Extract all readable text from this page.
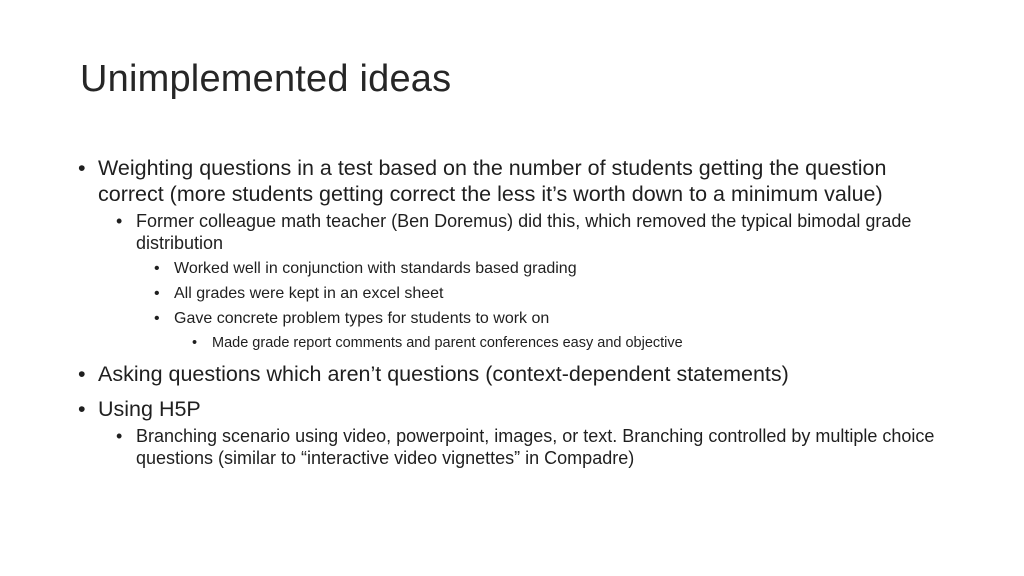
Unimplemented ideas
• Weighting questions in a test based on the number of students getting the question correct (more students getting correct the less it’s worth down to a minimum value)
• Former colleague math teacher (Ben Doremus) did this, which removed the typical bimodal grade distribution
• Worked well in conjunction with standards based grading
• All grades were kept in an excel sheet
• Gave concrete problem types for students to work on
• Made grade report comments and parent conferences easy and objective
• Asking questions which aren’t questions (context-dependent statements)
• Using H5P
• Branching scenario using video, powerpoint, images, or text. Branching controlled by multiple choice questions (similar to “interactive video vignettes” in Compadre)
